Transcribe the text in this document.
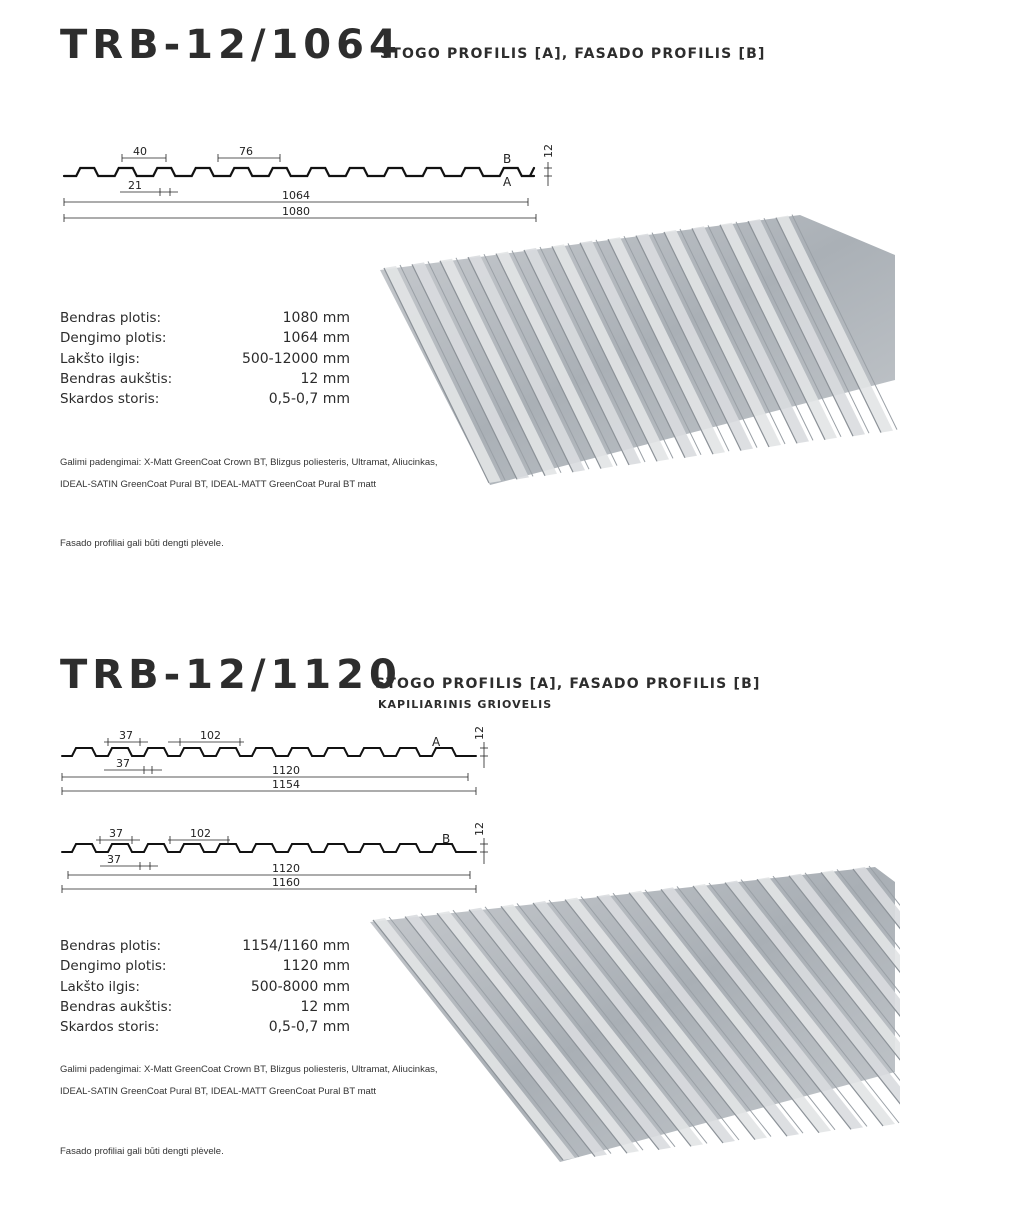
TRB-12/1064
STOGO PROFILIS [A], FASADO PROFILIS [B]
40	76
21
1064
1080
B
A
12
Bendras plotis:	1080 mm
Dengimo plotis:	1064 mm
Lakšto ilgis:	500-12000 mm
Bendras aukštis:	12 mm
Skardos storis:	0,5-0,7 mm
Galimi padengimai: X-Matt GreenCoat Crown BT, Blizgus poliesteris, Ultramat, Aliucinkas, IDEAL-SATIN GreenCoat Pural BT, IDEAL-MATT GreenCoat Pural BT matt
Fasado profiliai gali būti dengti plėvele.
TRB-12/1120
STOGO PROFILIS [A], FASADO PROFILIS [B]
KAPILIARINIS GRIOVELIS
37	102
37
1120
1154
A
12
37	102
37
1120
1160
B
12
Bendras plotis:	1154/1160 mm
Dengimo plotis:	1120 mm
Lakšto ilgis:	500-8000 mm
Bendras aukštis:	12 mm
Skardos storis:	0,5-0,7 mm
Galimi padengimai: X-Matt GreenCoat Crown BT, Blizgus poliesteris, Ultramat, Aliucinkas, IDEAL-SATIN GreenCoat Pural BT, IDEAL-MATT GreenCoat Pural BT matt
Fasado profiliai gali būti dengti plėvele.
